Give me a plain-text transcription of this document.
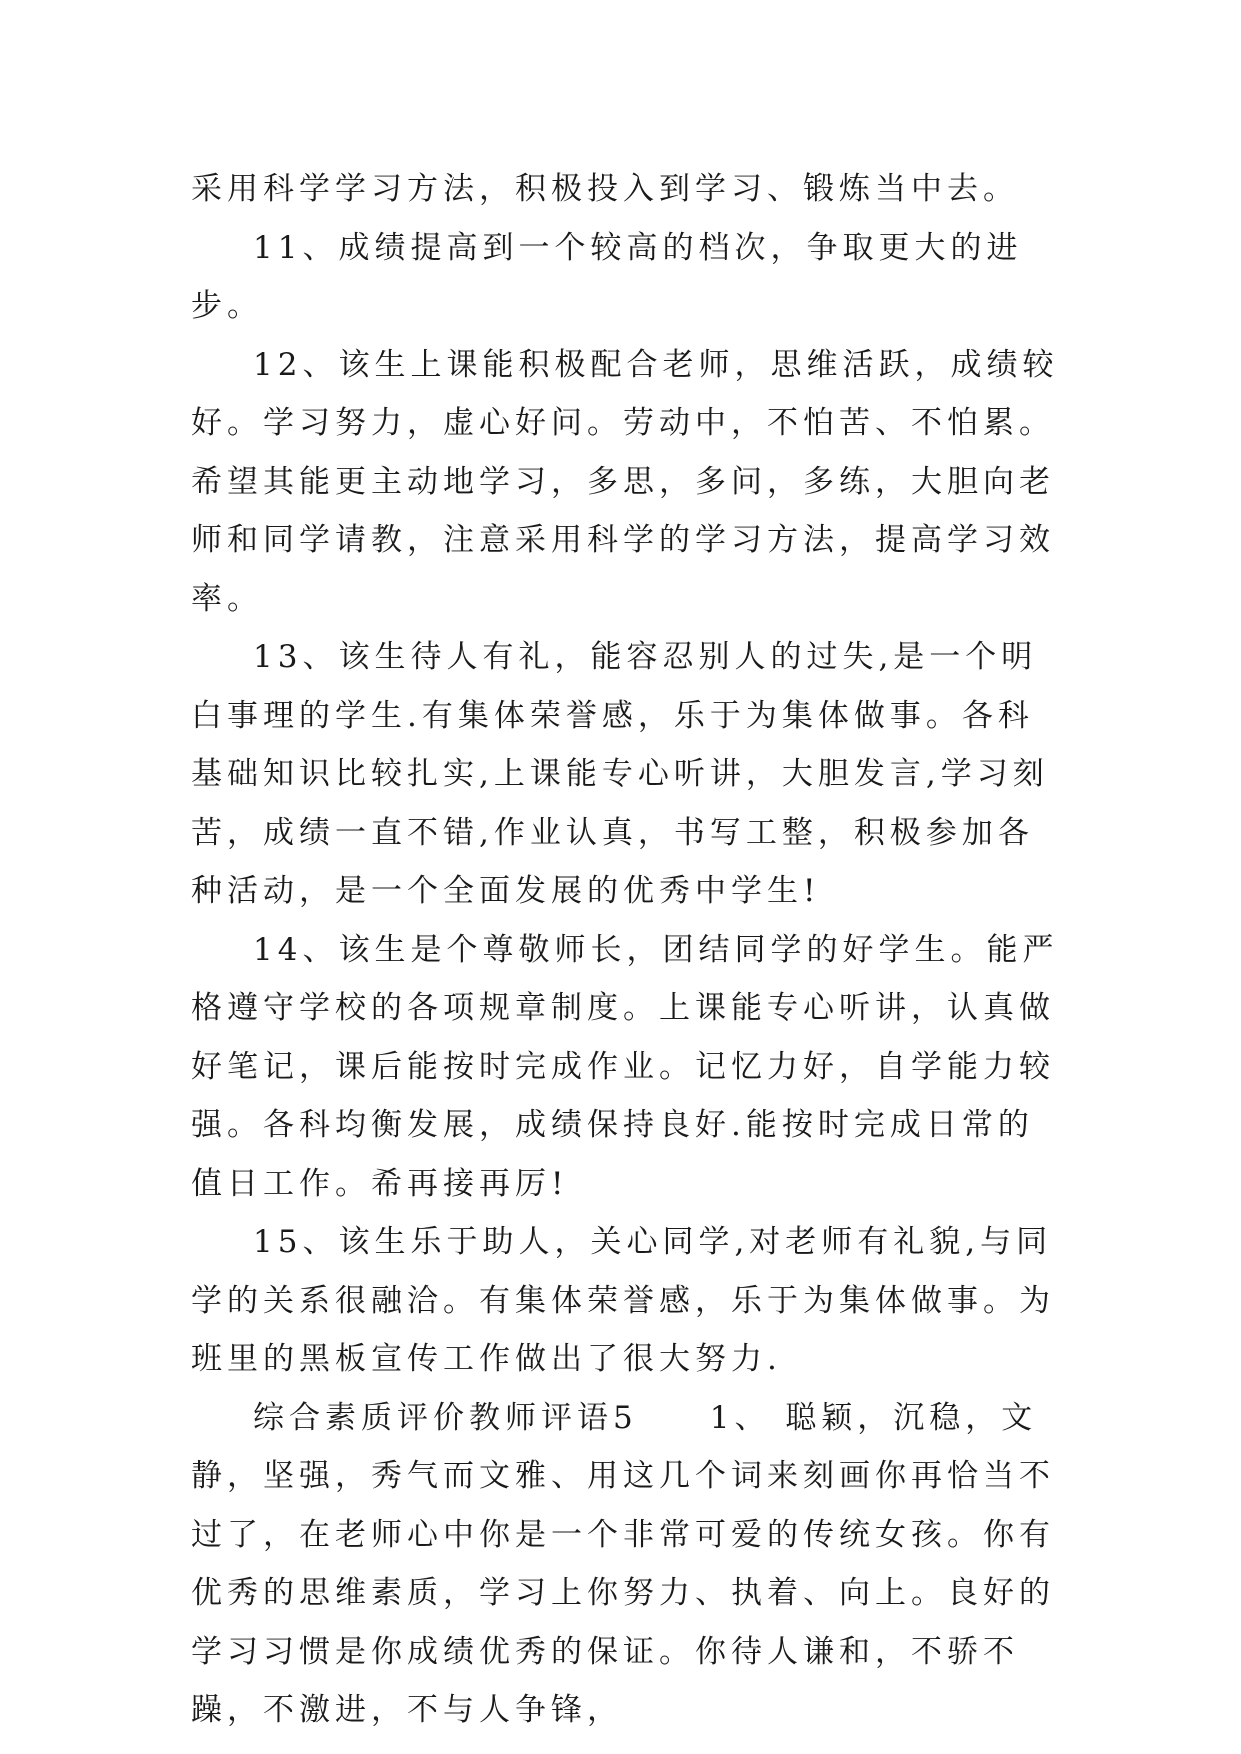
采用科学学习方法，积极投入到学习、锻炼当中去。

11、成绩提高到一个较高的档次，争取更大的进步。

12、该生上课能积极配合老师，思维活跃，成绩较好。学习努力，虚心好问。劳动中，不怕苦、不怕累。希望其能更主动地学习，多思，多问，多练，大胆向老师和同学请教，注意采用科学的学习方法，提高学习效率。

13、该生待人有礼，能容忍别人的过失,是一个明白事理的学生.有集体荣誉感，乐于为集体做事。各科基础知识比较扎实,上课能专心听讲，大胆发言,学习刻苦，成绩一直不错,作业认真，书写工整，积极参加各种活动，是一个全面发展的优秀中学生!

14、该生是个尊敬师长，团结同学的好学生。能严格遵守学校的各项规章制度。上课能专心听讲，认真做好笔记，课后能按时完成作业。记忆力好，自学能力较强。各科均衡发展，成绩保持良好.能按时完成日常的值日工作。希再接再厉!

15、该生乐于助人，关心同学,对老师有礼貌,与同学的关系很融洽。有集体荣誉感，乐于为集体做事。为班里的黑板宣传工作做出了很大努力.

综合素质评价教师评语5　　1、 聪颖，沉稳，文静，坚强，秀气而文雅、用这几个词来刻画你再恰当不过了，在老师心中你是一个非常可爱的传统女孩。你有优秀的思维素质，学习上你努力、执着、向上。良好的学习习惯是你成绩优秀的保证。你待人谦和，不骄不躁，不激进，不与人争锋，
